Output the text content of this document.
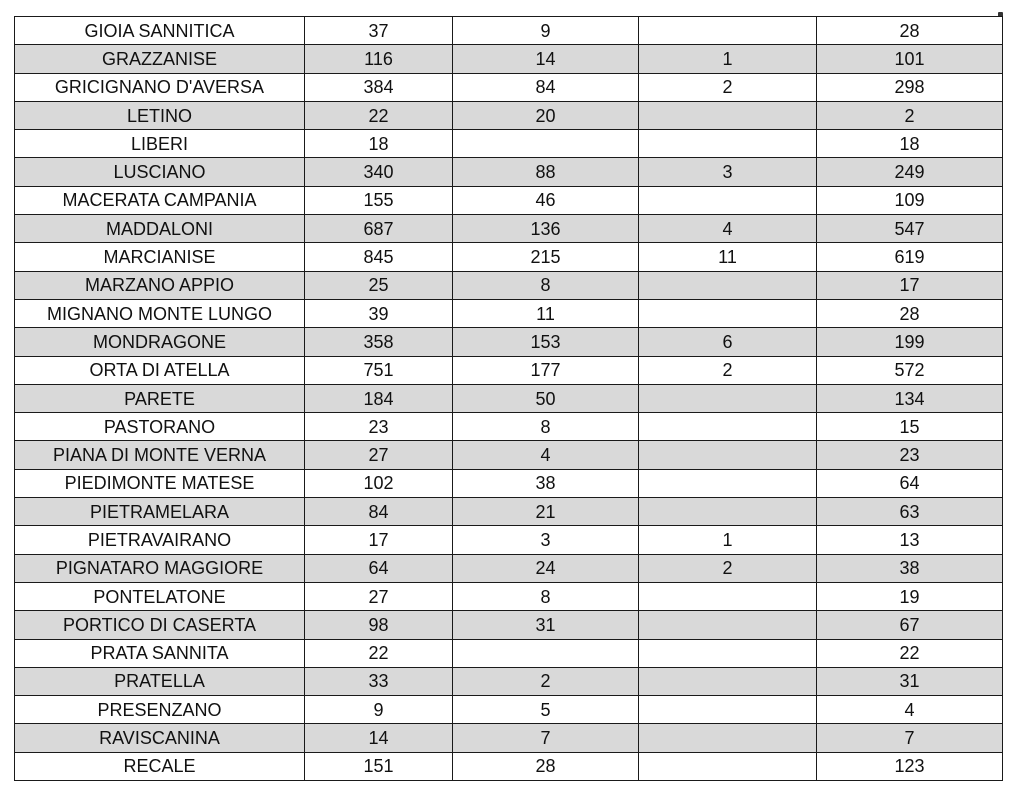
GIOIA SANNITICA	37	9		28
GRAZZANISE	116	14	1	101
GRICIGNANO D'AVERSA	384	84	2	298
LETINO	22	20		2
LIBERI	18			18
LUSCIANO	340	88	3	249
MACERATA CAMPANIA	155	46		109
MADDALONI	687	136	4	547
MARCIANISE	845	215	11	619
MARZANO APPIO	25	8		17
MIGNANO MONTE LUNGO	39	11		28
MONDRAGONE	358	153	6	199
ORTA DI ATELLA	751	177	2	572
PARETE	184	50		134
PASTORANO	23	8		15
PIANA DI MONTE VERNA	27	4		23
PIEDIMONTE MATESE	102	38		64
PIETRAMELARA	84	21		63
PIETRAVAIRANO	17	3	1	13
PIGNATARO MAGGIORE	64	24	2	38
PONTELATONE	27	8		19
PORTICO DI CASERTA	98	31		67
PRATA SANNITA	22			22
PRATELLA	33	2		31
PRESENZANO	9	5		4
RAVISCANINA	14	7		7
RECALE	151	28		123
